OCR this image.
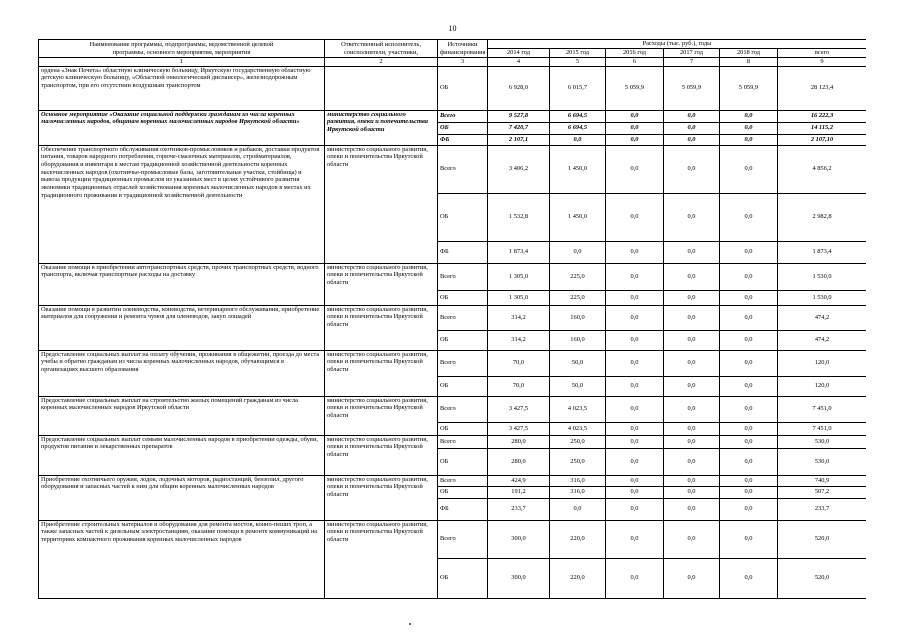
10
Наименование программы, подпрограммы, ведомственной целевой
программы, основного мероприятия, мероприятия	Ответственный исполнитель,
соисполнители, участники,	Источники
финансирования	Расходы (тыс. руб.), годы					
			2014 год	2015 год	2016 год	2017 год	2018 год	всего
1	2	3	4	5	6	7	8	9
ордена «Знак Почета» областную клиническую больницу, Иркутскую государственную областную детскую клиническую больницу, «Областной онкологический диспансер», железнодорожным транспортом, при его отсутствии воздушным транспортом		ОБ	6 928,0	6 015,7	5 059,9	5 059,9	5 059,9	28 123,4
Основное мероприятие «Оказание социальной поддержки гражданам из числа коренных малочисленных народов, общинам коренных малочисленных народов Иркутской области»	министерство социального развития, опеки и попечительства Иркутской области	Всего	9 527,8	6 694,5	0,0	0,0	0,0	16 222,3
		ОБ	7 420,7	6 694,5	0,0	0,0	0,0	14 115,2
		ФБ	2 107,1	0,0	0,0	0,0	0,0	2 107,10
Обеспечение транспортного обслуживания охотников-промысловиков и рыбаков, доставки продуктов питания, товаров народного потребления, горюче-смазочных материалов, стройматериалов, оборудования и инвентаря к местам традиционной хозяйственной деятельности коренных малочисленных народов (охотничье-промысловые базы, заготовительные участки, стойбища) и вывоза продукции традиционных промыслов из указанных мест в целях устойчивого развития экономики традиционных отраслей хозяйствования коренных малочисленных народов в местах их традиционного проживания и традиционной хозяйственной деятельности	министерство социального развития, опеки и попечительства Иркутской области	Всего	3 406,2	1 450,0	0,0	0,0	0,0	4 856,2
		ОБ	1 532,8	1 450,0	0,0	0,0	0,0	2 982,8
		ФБ	1 873,4	0,0	0,0	0,0	0,0	1 873,4
Оказание помощи в приобретении автотранспортных средств, прочих транспортных средств, водного транспорта, включая транспортные расходы на доставку	министерство социального развития, опеки и попечительства Иркутской области	Всего	1 305,0	225,0	0,0	0,0	0,0	1 530,0
		ОБ	1 305,0	225,0	0,0	0,0	0,0	1 530,0
Оказание помощи в развитии оленеводства, коневодства, ветеринарного обслуживания, приобретение материалов для сооружения и ремонта чумов для оленеводов, закуп лошадей	министерство социального развития, опеки и попечительства Иркутской области	Всего	314,2	160,0	0,0	0,0	0,0	474,2
		ОБ	314,2	160,0	0,0	0,0	0,0	474,2
Предоставление социальных выплат на оплату обучения, проживания в общежитии, проезда до места учебы и обратно гражданам из числа коренных малочисленных народов, обучающимся в организациях высшего образования	министерство социального развития, опеки и попечительства Иркутской области	Всего	70,0	50,0	0,0	0,0	0,0	120,0
		ОБ	70,0	50,0	0,0	0,0	0,0	120,0
Предоставление социальных выплат на строительство жилых помещений гражданам из числа коренных малочисленных народов Иркутской области	министерство социального развития, опеки и попечительства Иркутской области	Всего	3 427,5	4 023,5	0,0	0,0	0,0	7 451,0
		ОБ	3 427,5	4 023,5	0,0	0,0	0,0	7 451,0
Предоставление социальных выплат семьям малочисленных народов в приобретении одежды, обуви, продуктов питания и лекарственных препаратов	министерство социального развития, опеки и попечительства Иркутской области	Всего	280,0	250,0	0,0	0,0	0,0	530,0
		ОБ	280,0	250,0	0,0	0,0	0,0	530,0
Приобретение охотничьего оружия, лодок, лодочных моторов, радиостанций, бензопил, другого оборудования и запасных частей к ним для общин коренных малочисленных народов	министерство социального развития, опеки и попечительства Иркутской области	Всего	424,9	316,0	0,0	0,0	0,0	740,9
		ОБ	191,2	316,0	0,0	0,0	0,0	507,2
		ФБ	233,7	0,0	0,0	0,0	0,0	233,7
Приобретение строительных материалов и оборудования для ремонта мостов, конно-пеших троп, а также запасных частей к дизельным электростанциям, оказание помощи в ремонте коммуникаций на территориях компактного проживания коренных малочисленных народов	министерство социального развития, опеки и попечительства Иркутской области	Всего	300,0	220,0	0,0	0,0	0,0	520,0
		ОБ	300,0	220,0	0,0	0,0	0,0	520,0
